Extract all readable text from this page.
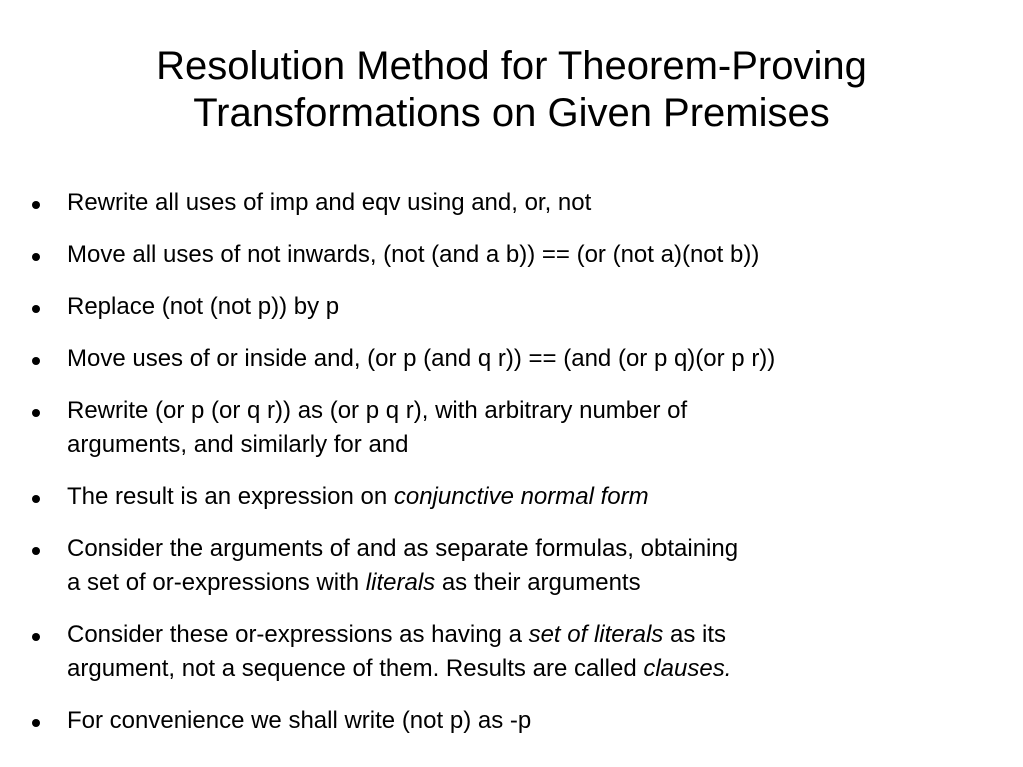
Resolution Method for Theorem-Proving
Transformations on Given Premises
Rewrite all uses of imp and eqv using and, or, not
Move all uses of not inwards, (not (and a b)) == (or (not a)(not b))
Replace (not (not p)) by p
Move uses of or inside and, (or p (and q r)) == (and (or p q)(or p r))
Rewrite (or p (or q r)) as (or p q r), with arbitrary number of
arguments, and similarly for and
The result is an expression on conjunctive normal form
Consider the arguments of and as separate formulas, obtaining
a set of or-expressions with literals as their arguments
Consider these or-expressions as having a set of literals as its
argument, not a sequence of them. Results are called clauses.
For convenience we shall write (not p) as -p
